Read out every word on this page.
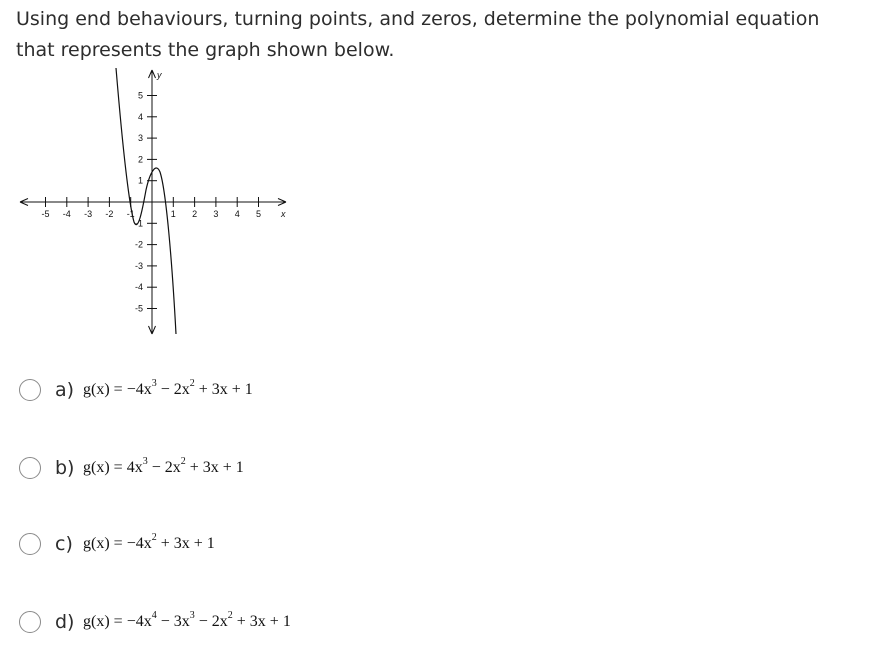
Using end behaviours, turning points, and zeros, determine the polynomial equation that represents the graph shown below.

-5 -4 -3 -2 -1	1 2 3 4 5
5
4
3
2
1
-1
-2
-3
-4
-5
x
y
a) $g(x) = -4x^3 - 2x^2 + 3x + 1$
b) $g(x) = 4x^3 - 2x^2 + 3x + 1$
c) $g(x) = -4x^2 + 3x + 1$
d) $g(x) = -4x^4 - 3x^3 - 2x^2 + 3x + 1$
